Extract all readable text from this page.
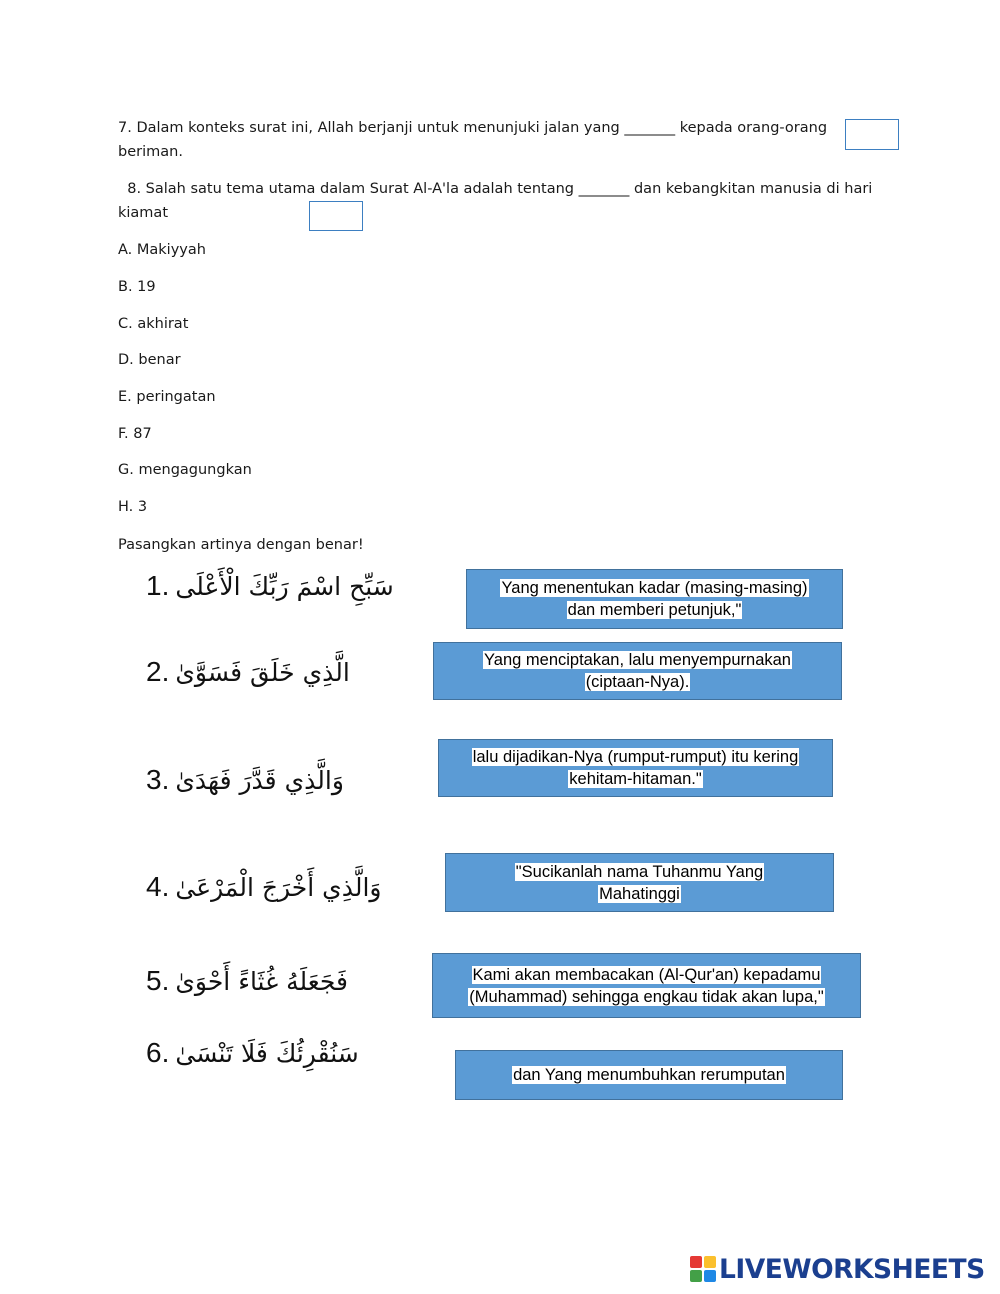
7. Dalam konteks surat ini, Allah berjanji untuk menunjuki jalan yang _______ kepada orang-orang
beriman.
8. Salah satu tema utama dalam Surat Al-A'la adalah tentang _______ dan kebangkitan manusia di hari
kiamat
A. Makiyyah
B. 19
C. akhirat
D. benar
E. peringatan
F. 87
G. mengagungkan
H. 3
Pasangkan artinya dengan benar!
1. سَبِّحِ اسْمَ رَبِّكَ الْأَعْلَى
2. الَّذِي خَلَقَ فَسَوَّىٰ
3. وَالَّذِي قَدَّرَ فَهَدَىٰ
4. وَالَّذِي أَخْرَجَ الْمَرْعَىٰ
5. فَجَعَلَهُ غُثَاءً أَحْوَىٰ
6. سَنُقْرِئُكَ فَلَا تَنْسَىٰ
Yang menentukan kadar (masing-masing)
dan memberi petunjuk,"
Yang menciptakan, lalu menyempurnakan
(ciptaan-Nya).
lalu dijadikan-Nya (rumput-rumput) itu kering
kehitam-hitaman."
"Sucikanlah nama Tuhanmu Yang
Mahatinggi
Kami akan membacakan (Al-Qur'an) kepadamu
(Muhammad) sehingga engkau tidak akan lupa,"
dan Yang menumbuhkan rerumputan
LIVEWORKSHEETS
